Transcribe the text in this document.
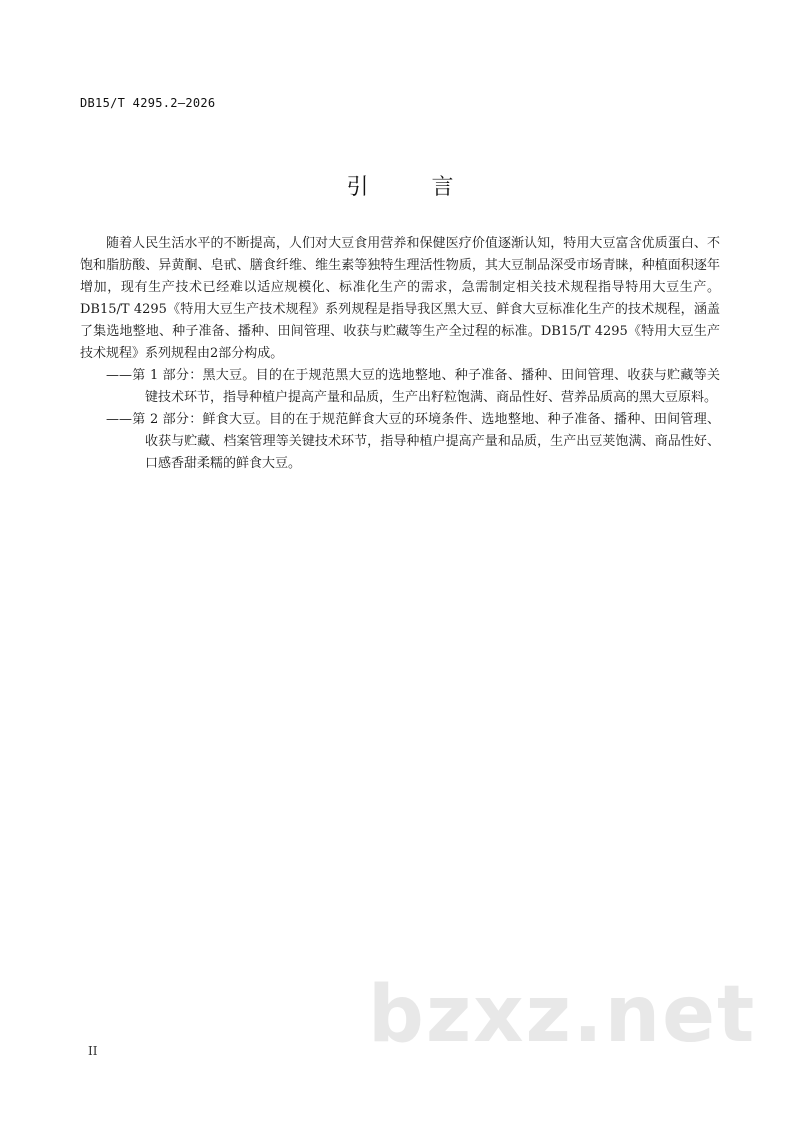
DB15/T 4295.2—2026
引 言

随着人民生活水平的不断提高，人们对大豆食用营养和保健医疗价值逐渐认知，特用大豆富含优质蛋白、不饱和脂肪酸、异黄酮、皂甙、膳食纤维、维生素等独特生理活性物质，其大豆制品深受市场青睐，种植面积逐年增加，现有生产技术已经难以适应规模化、标准化生产的需求，急需制定相关技术规程指导特用大豆生产。DB15/T 4295《特用大豆生产技术规程》系列规程是指导我区黑大豆、鲜食大豆标准化生产的技术规程，涵盖了集选地整地、种子准备、播种、田间管理、收获与贮藏等生产全过程的标准。DB15/T 4295《特用大豆生产技术规程》系列规程由2部分构成。

——第 1 部分：黑大豆。目的在于规范黑大豆的选地整地、种子准备、播种、田间管理、收获与贮藏等关键技术环节，指导种植户提高产量和品质，生产出籽粒饱满、商品性好、营养品质高的黑大豆原料。

——第 2 部分：鲜食大豆。目的在于规范鲜食大豆的环境条件、选地整地、种子准备、播种、田间管理、收获与贮藏、档案管理等关键技术环节，指导种植户提高产量和品质，生产出豆荚饱满、商品性好、口感香甜柔糯的鲜食大豆。

II	bzxz.net
